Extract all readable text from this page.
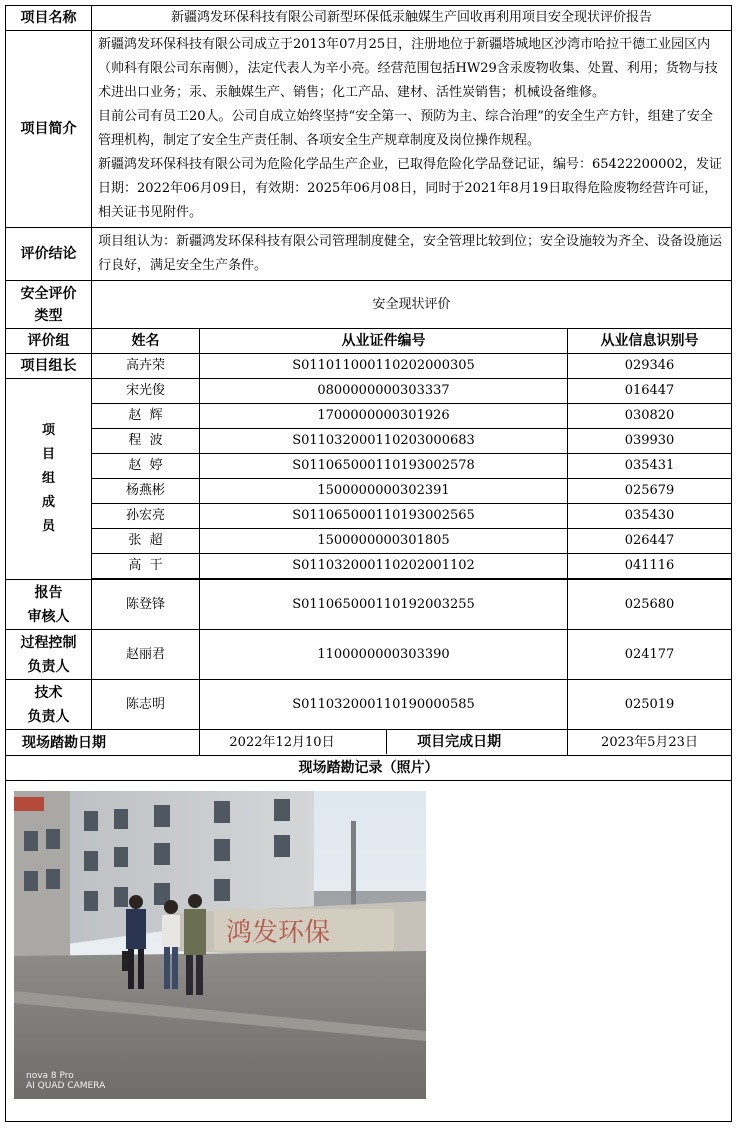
项目名称	新疆鸿发环保科技有限公司新型环保低汞触媒生产回收再利用项目安全现状评价报告		
项目简介	新疆鸿发环保科技有限公司成立于2013年07月25日，注册地位于新疆塔城地区沙湾市哈拉干德工业园区内（帅科有限公司东南侧），法定代表人为辛小亮。经营范围包括HW29含汞废物收集、处置、利用；货物与技术进出口业务；汞、汞触媒生产、销售；化工产品、建材、活性炭销售；机械设备维修。

目前公司有员工20人。公司自成立始终坚持“安全第一、预防为主、综合治理”的安全生产方针，组建了安全管理机构，制定了安全生产责任制、各项安全生产规章制度及岗位操作规程。

新疆鸿发环保科技有限公司为危险化学品生产企业，已取得危险化学品登记证，编号：65422200002，发证日期：2022年06月09日，有效期：2025年06月08日，同时于2021年8月19日取得危险废物经营许可证，相关证书见附件。		

评价结论	项目组认为：新疆鸿发环保科技有限公司管理制度健全，安全管理比较到位；安全设施较为齐全、设备设施运行良好，满足安全生产条件。		

安全评价
类型	安全现状评价		
评价组	姓名	从业证件编号	从业信息识别号
项目组长	高卉荣	S011011000110202000305	029346

项
目
组
成
员	宋光俊	0800000000303337	016447
	赵  辉	1700000000301926	030820
	程  波	S011032000110203000683	039930
	赵  婷	S011065000110193002578	035431
	杨燕彬	1500000000302391	025679
	孙宏亮	S011065000110193002565	035430
	张  超	1500000000301805	026447
	高  干	S011032000110202001102	041116

报告
审核人	陈登锋	S011065000110192003255	025680

过程控制
负责人	赵丽君	1100000000303390	024177

技术
负责人	陈志明	S011032000110190000585	025019
现场踏勘日期		2022年12月10日 项目完成日期	2023年5月23日
现场踏勘记录（照片）			

鸿发环保
nova 8 Pro
AI QUAD CAMERA			
